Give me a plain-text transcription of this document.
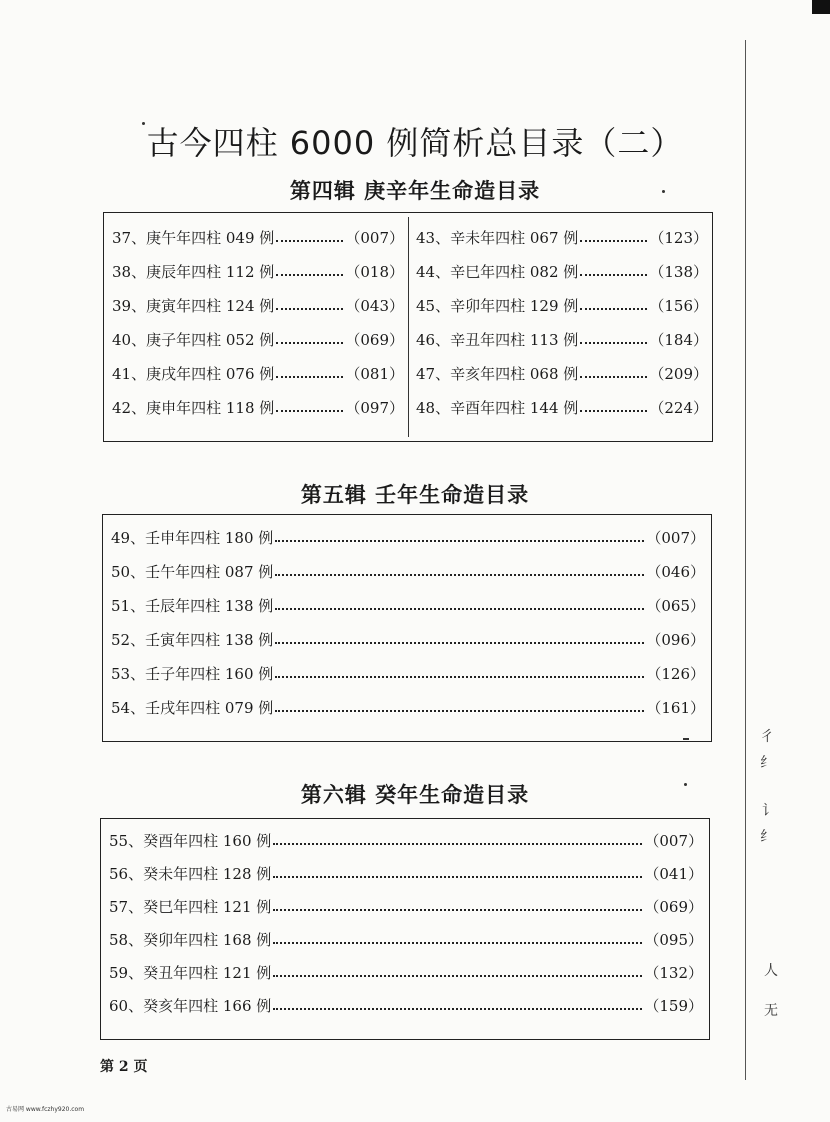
古今四柱 6000 例简析总目录（二）
第四辑 庚辛年生命造目录
37、庚午年四柱 049 例	（007）
38、庚辰年四柱 112 例	（018）
39、庚寅年四柱 124 例	（043）
40、庚子年四柱 052 例	（069）
41、庚戌年四柱 076 例	（081）
42、庚申年四柱 118 例	（097）
43、辛未年四柱 067 例	（123）
44、辛巳年四柱 082 例	（138）
45、辛卯年四柱 129 例	（156）
46、辛丑年四柱 113 例	（184）
47、辛亥年四柱 068 例	（209）
48、辛酉年四柱 144 例	（224）
第五辑 壬年生命造目录
49、壬申年四柱 180 例	（007）
50、壬午年四柱 087 例	（046）
51、壬辰年四柱 138 例	（065）
52、壬寅年四柱 138 例	（096）
53、壬子年四柱 160 例	（126）
54、壬戌年四柱 079 例	（161）
第六辑 癸年生命造目录
55、癸酉年四柱 160 例	（007）
56、癸未年四柱 128 例	（041）
57、癸巳年四柱 121 例	（069）
58、癸卯年四柱 168 例	（095）
59、癸丑年四柱 121 例	（132）
60、癸亥年四柱 166 例	（159）
第 2 页
古易网 www.fczhy920.com
彳
纟
讠
纟
人
无
